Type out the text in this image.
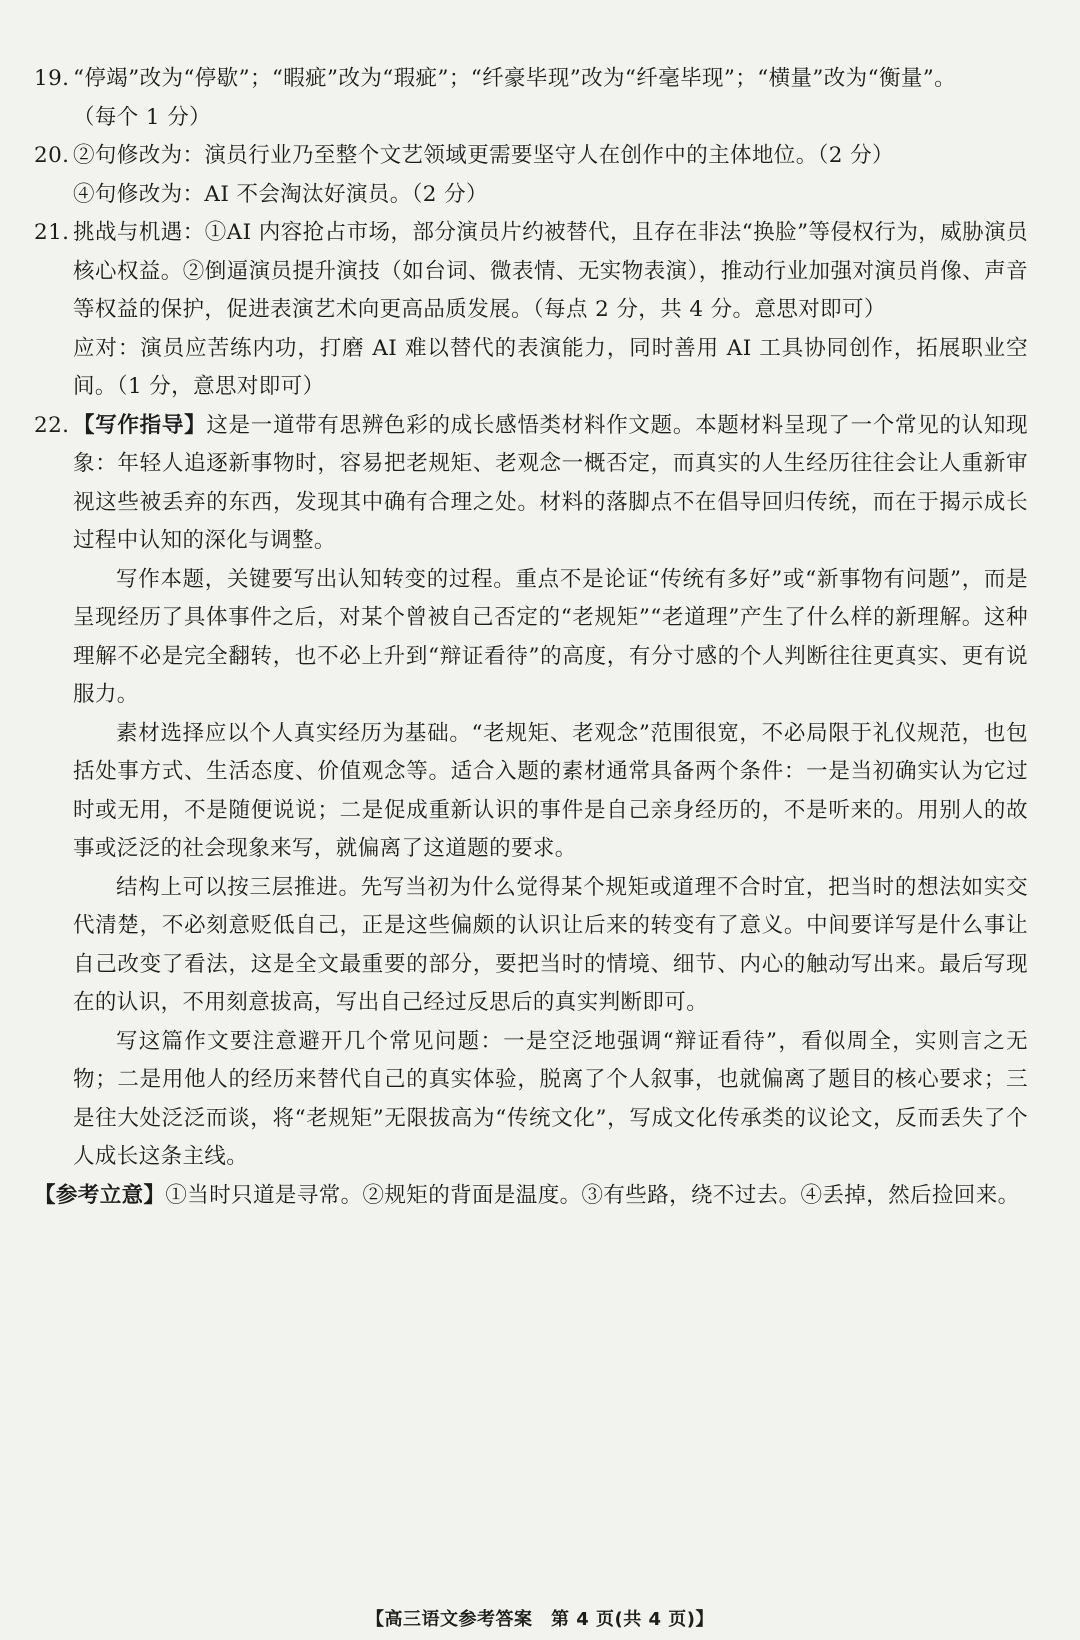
19. “停竭”改为“停歇”；“暇疵”改为“瑕疵”；“纤豪毕现”改为“纤毫毕现”；“横量”改为“衡量”。

（每个 1 分）

20. ②句修改为：演员行业乃至整个文艺领域更需要坚守人在创作中的主体地位。（2 分）

④句修改为：AI 不会淘汰好演员。（2 分）

21. 挑战与机遇：①AI 内容抢占市场，部分演员片约被替代，且存在非法“换脸”等侵权行为，威胁演员核心权益。②倒逼演员提升演技（如台词、微表情、无实物表演），推动行业加强对演员肖像、声音等权益的保护，促进表演艺术向更高品质发展。（每点 2 分，共 4 分。意思对即可）

应对：演员应苦练内功，打磨 AI 难以替代的表演能力，同时善用 AI 工具协同创作，拓展职业空间。（1 分，意思对即可）

22. 【写作指导】这是一道带有思辨色彩的成长感悟类材料作文题。本题材料呈现了一个常见的认知现象：年轻人追逐新事物时，容易把老规矩、老观念一概否定，而真实的人生经历往往会让人重新审视这些被丢弃的东西，发现其中确有合理之处。材料的落脚点不在倡导回归传统，而在于揭示成长过程中认知的深化与调整。

写作本题，关键要写出认知转变的过程。重点不是论证“传统有多好”或“新事物有问题”，而是呈现经历了具体事件之后，对某个曾被自己否定的“老规矩”“老道理”产生了什么样的新理解。这种理解不必是完全翻转，也不必上升到“辩证看待”的高度，有分寸感的个人判断往往更真实、更有说服力。

素材选择应以个人真实经历为基础。“老规矩、老观念”范围很宽，不必局限于礼仪规范，也包括处事方式、生活态度、价值观念等。适合入题的素材通常具备两个条件：一是当初确实认为它过时或无用，不是随便说说；二是促成重新认识的事件是自己亲身经历的，不是听来的。用别人的故事或泛泛的社会现象来写，就偏离了这道题的要求。

结构上可以按三层推进。先写当初为什么觉得某个规矩或道理不合时宜，把当时的想法如实交代清楚，不必刻意贬低自己，正是这些偏颇的认识让后来的转变有了意义。中间要详写是什么事让自己改变了看法，这是全文最重要的部分，要把当时的情境、细节、内心的触动写出来。最后写现在的认识，不用刻意拔高，写出自己经过反思后的真实判断即可。

写这篇作文要注意避开几个常见问题：一是空泛地强调“辩证看待”，看似周全，实则言之无物；二是用他人的经历来替代自己的真实体验，脱离了个人叙事，也就偏离了题目的核心要求；三是往大处泛泛而谈，将“老规矩”无限拔高为“传统文化”，写成文化传承类的议论文，反而丢失了个人成长这条主线。

【参考立意】①当时只道是寻常。②规矩的背面是温度。③有些路，绕不过去。④丢掉，然后捡回来。

【高三语文参考答案　第 4 页(共 4 页)】
